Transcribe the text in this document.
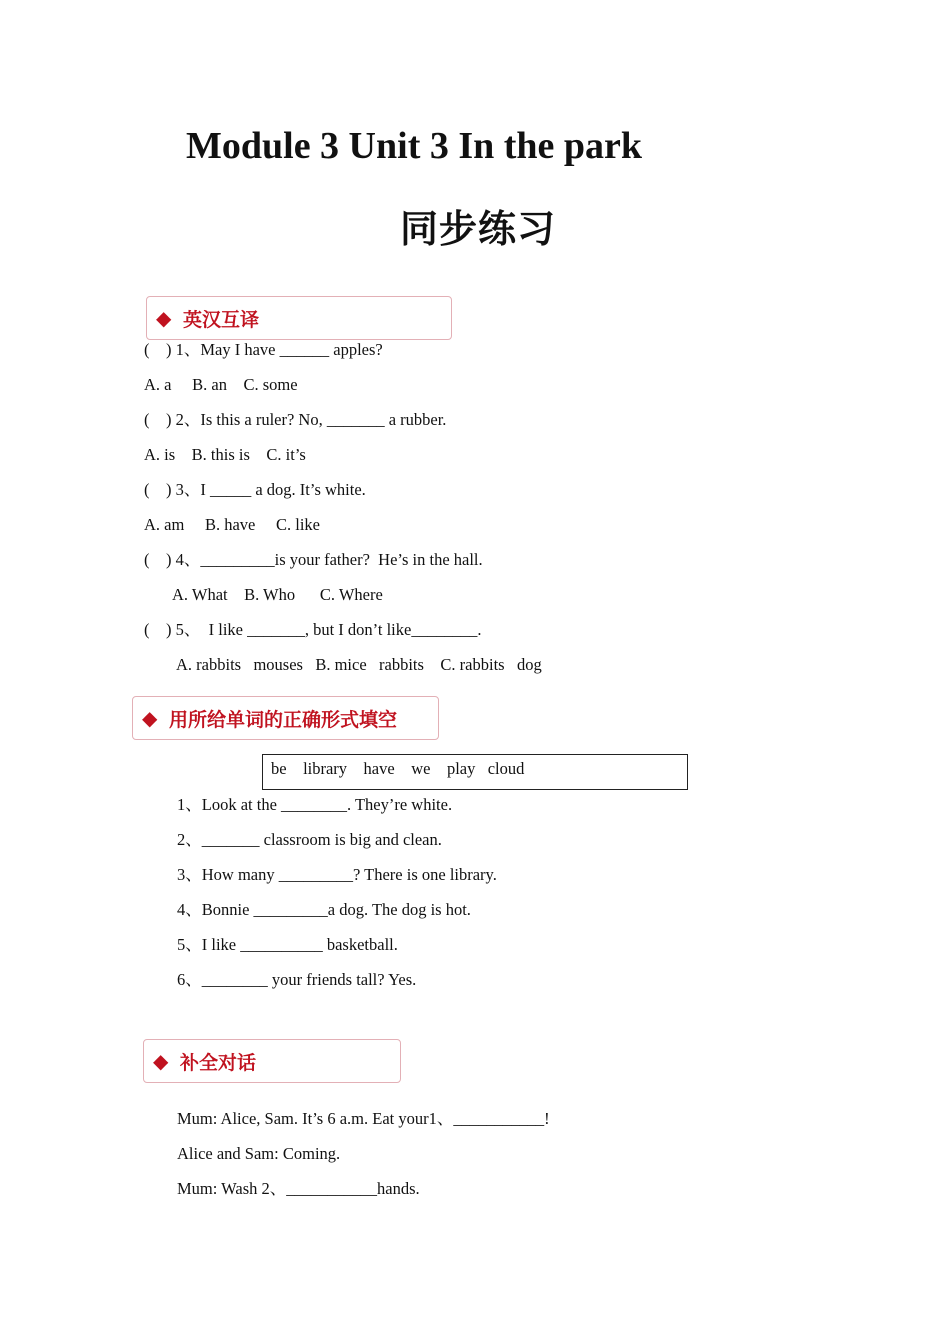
Module 3 Unit 3 In the park
同步练习
◆ 英汉互译
(    ) 1、May I have ______ apples?
A. a     B. an    C. some
(    ) 2、Is this a ruler? No, _______ a rubber.
A. is    B. this is    C. it’s
(    ) 3、I _____ a dog. It’s white.
A. am     B. have     C. like
(    ) 4、_________is your father?  He’s in the hall.
A. What    B. Who      C. Where
(    ) 5、  I like _______, but I don’t like________.
A. rabbits   mouses   B. mice   rabbits    C. rabbits   dog
◆ 用所给单词的正确形式填空
be    library    have    we    play   cloud
1、Look at the ________. They’re white.
2、_______ classroom is big and clean.
3、How many _________? There is one library.
4、Bonnie _________a dog. The dog is hot.
5、I like __________ basketball.
6、________ your friends tall? Yes.
◆ 补全对话
Mum: Alice, Sam. It’s 6 a.m. Eat your1、___________!
Alice and Sam: Coming.
Mum: Wash 2、___________hands.
